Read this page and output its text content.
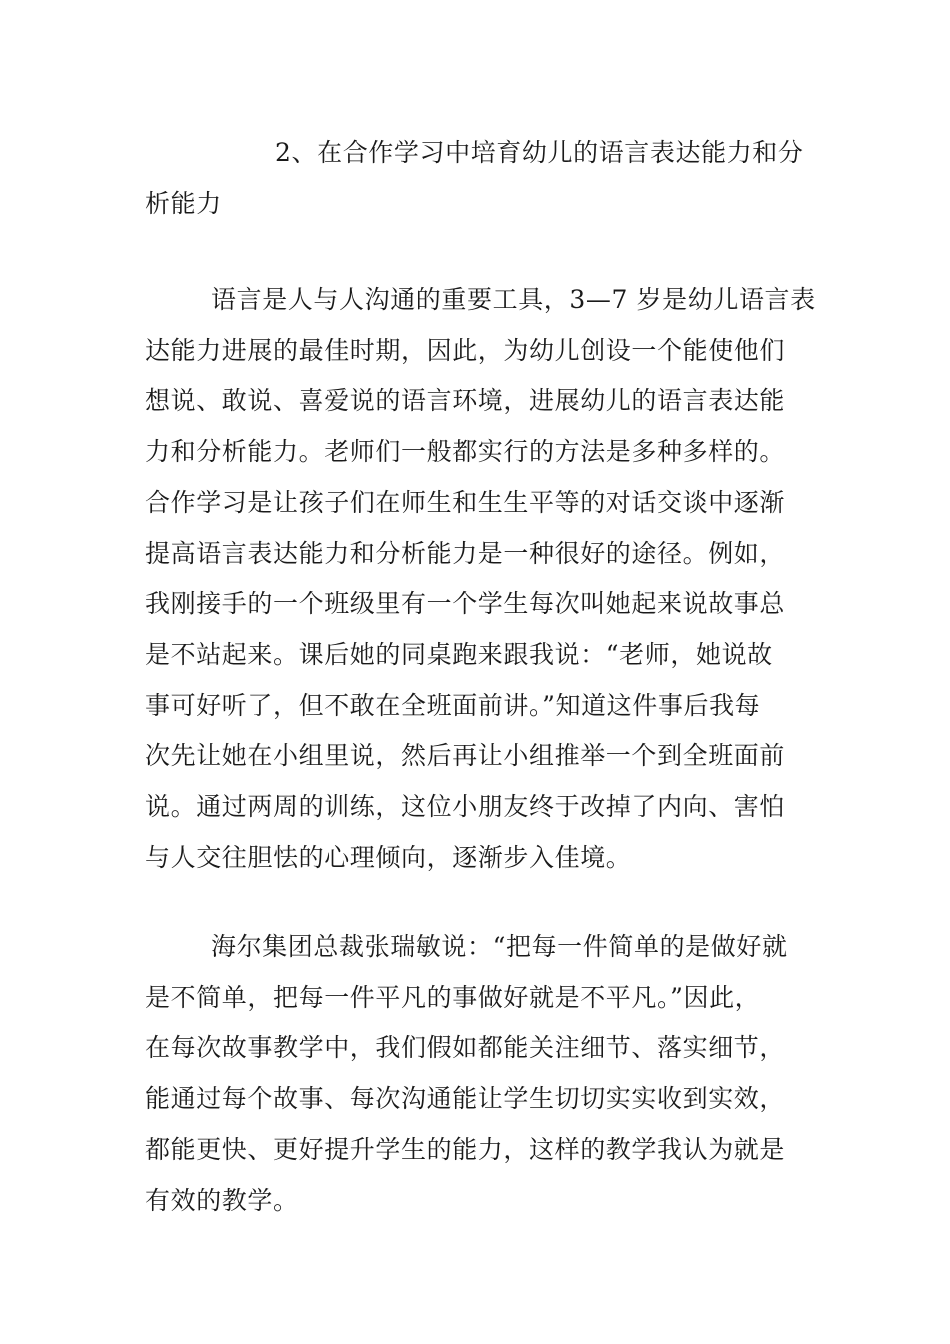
2、在合作学习中培育幼儿的语言表达能力和分
析能力
语言是人与人沟通的重要工具，3—7 岁是幼儿语言表
达能力进展的最佳时期，因此，为幼儿创设一个能使他们
想说、敢说、喜爱说的语言环境，进展幼儿的语言表达能
力和分析能力。老师们一般都实行的方法是多种多样的。
合作学习是让孩子们在师生和生生平等的对话交谈中逐渐
提高语言表达能力和分析能力是一种很好的途径。例如，
我刚接手的一个班级里有一个学生每次叫她起来说故事总
是不站起来。课后她的同桌跑来跟我说：“老师，她说故
事可好听了，但不敢在全班面前讲。”知道这件事后我每
次先让她在小组里说，然后再让小组推举一个到全班面前
说。通过两周的训练，这位小朋友终于改掉了内向、害怕
与人交往胆怯的心理倾向，逐渐步入佳境。
海尔集团总裁张瑞敏说：“把每一件简单的是做好就
是不简单，把每一件平凡的事做好就是不平凡。”因此，
在每次故事教学中，我们假如都能关注细节、落实细节，
能通过每个故事、每次沟通能让学生切切实实收到实效，
都能更快、更好提升学生的能力，这样的教学我认为就是
有效的教学。
